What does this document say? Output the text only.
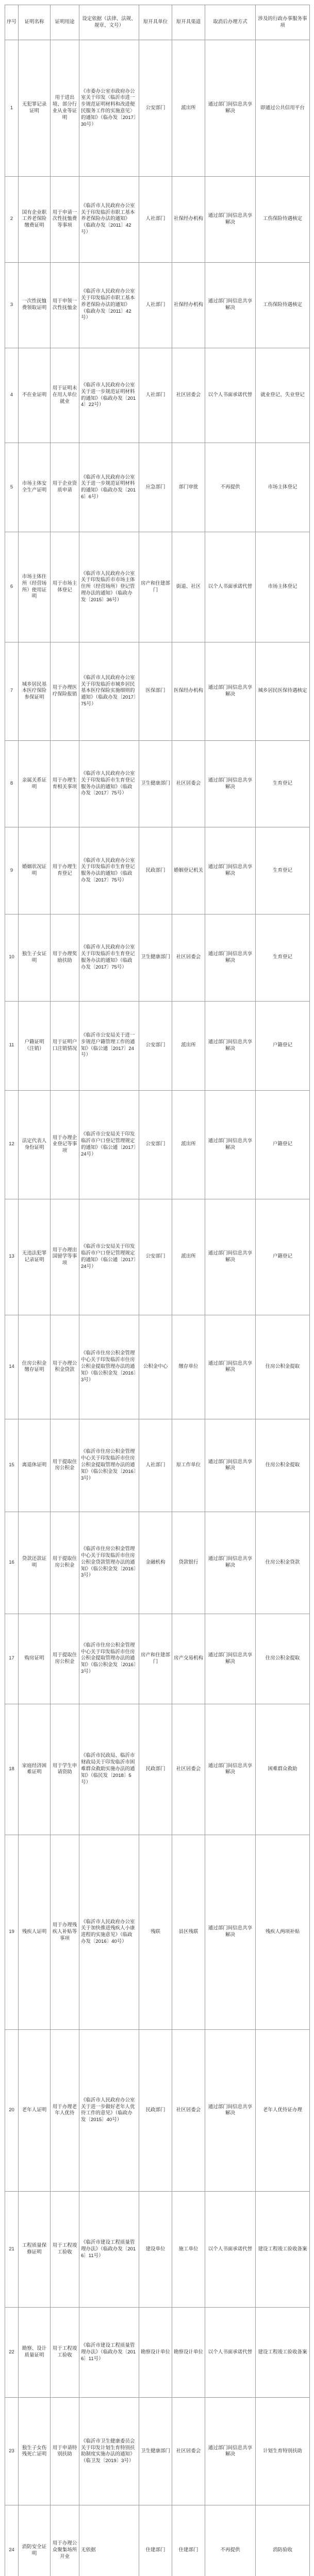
序号	证明名称	证明用途	设定依据（法律、法规、规章、文号）	原开具单位	原开具渠道	取消后办理方式	涉及的行政办事服务事项
1	无犯罪记录证明	用于进出境、部分行业从业等证明	《市委办公室市政府办公室关于印发〈临沂市进一步规范证明材料和改进便民服务工作的实施意见〉的通知》（临办发〔2017〕30号）	公安部门	派出所	通过部门间信息共享解决	即通过公共信用平台
2	国有企业职工养老保险缴费证明	用于申请一次性抚恤费等事项	《临沂市人民政府办公室关于印发临沂市职工基本养老保险办法的通知》（临政办发〔2011〕42号）	人社部门	社保经办机构	通过部门间信息共享解决	工伤保险待遇核定
3	一次性抚恤费领取证明	用于申领一次性抚恤金	《临沂市人民政府办公室关于印发临沂市职工基本养老保险办法的通知》（临政办发〔2011〕42号）	人社部门	社保经办机构	通过部门间信息共享解决	工伤保险待遇核定
4	不在业证明	用于证明未在用人单位就业	《临沂市人民政府办公室关于进一步规范证明材料的通知》（临政办发〔2014〕22号）	人社部门	社区居委会	以个人书面承诺代替	就业登记、失业登记
5	市场主体安全生产证明	用于企业资质申请	《临沂市人民政府办公室关于进一步规范证明材料的通知》（临政办发〔2016〕6号）	应急部门	部门审批	不再提供	市场主体登记
6	市场主体住所（经营场所）使用证明	用于市场主体登记	《临沂市人民政府办公室关于印发临沂市市场主体住所（经营场所）登记管理办法的通知》（临政办发〔2015〕36号）	房产和住建部门	街道、社区	以个人书面承诺代替	市场主体登记
7	城乡居民基本医疗保险参保证明	用于办理医疗保险报销	《临沂市人民政府办公室关于印发临沂市城乡居民基本医疗保险实施细则的通知》（临政办发〔2017〕75号）	医保部门	医保经办机构	通过部门间信息共享解决	城乡居民医保待遇核定
8	亲属关系证明	用于办理生育相关事项	《临沂市人民政府办公室关于印发临沂市生育登记服务办法的通知》（临政办发〔2017〕75号）	卫生健康部门	社区居委会	通过部门间信息共享解决	生育登记
9	婚姻状况证明	用于办理生育登记	《临沂市人民政府办公室关于印发临沂市生育登记服务办法的通知》（临政办发〔2017〕75号）	民政部门	婚姻登记机关	通过部门间信息共享解决	生育登记
10	独生子女证明	用于办理奖励扶助	《临沂市人民政府办公室关于印发临沂市生育登记服务办法的通知》（临政办发〔2017〕75号）	卫生健康部门	社区居委会	通过部门间信息共享解决	生育登记
11	户籍证明（注销）	用于证明户口注销情况	《临沂市公安局关于进一步规范户籍管理工作的通知》（临公通〔2017〕24号）	公安部门	派出所	通过部门间信息共享解决	户籍登记
12	法定代表人身份证明	用于办理企业登记等事项	《临沂市公安局关于印发临沂市户口登记管理规定的通知》（临公通〔2017〕24号）	公安部门	派出所	通过部门间信息共享解决	户籍登记
13	无违法犯罪记录证明	用于办理出国留学等事项	《临沂市公安局关于印发临沂市户口登记管理规定的通知》（临公通〔2017〕24号）	公安部门	派出所	通过部门间信息共享解决	户籍登记
14	住房公积金缴存证明	用于办理公积金贷款	《临沂市住房公积金管理中心关于印发临沂市住房公积金提取管理办法的通知》（临公积金发〔2016〕3号）	公积金中心	缴存单位	通过部门间信息共享解决	住房公积金提取
15	离退休证明	用于提取住房公积金	《临沂市住房公积金管理中心关于印发临沂市住房公积金提取管理办法的通知》（临公积金发〔2016〕3号）	人社部门	原工作单位	通过部门间信息共享解决	住房公积金提取
16	贷款还款证明	用于提取住房公积金	《临沂市住房公积金管理中心关于印发临沂市住房公积金贷款管理办法的通知》（临公积金发〔2016〕3号）	金融机构	贷款银行	通过部门间信息共享解决	住房公积金贷款
17	购房证明	用于提取住房公积金	《临沂市住房公积金管理中心关于印发临沂市住房公积金提取管理办法的通知》（临公积金发〔2016〕3号）	房产和住建部门	房产交易机构	通过部门间信息共享解决	住房公积金提取
18	家庭经济困难证明	用于学生申请资助	《临沂市民政局、临沂市财政局关于印发临沂市困难群众救助实施办法的通知》（临民发〔2018〕5号）	民政部门	社区居委会	通过部门间信息共享解决	困难群众救助
19	残疾人证明	用于办理残疾人补贴等事项	《临沂市人民政府办公室关于加快推进残疾人小康进程的实施意见》（临政办发〔2016〕40号）	残联	县区残联	通过部门间信息共享解决	残疾人两项补贴
20	老年人证明	用于办理老年人优待	《临沂市人民政府办公室关于进一步做好老年人优待工作的意见》（临政办发〔2015〕40号）	民政部门	社区居委会	通过部门间信息共享解决	老年人优待证办理
21	工程质量保修证明	用于工程竣工验收	《临沂市建设工程质量管理办法》（临政办发〔2016〕11号）	建设单位	施工单位	以个人书面承诺代替	建设工程竣工验收备案
22	勘察、设计质量证明	用于工程竣工验收	《临沂市建设工程质量管理办法》（临政办发〔2016〕11号）	勘察设计单位	勘察设计单位	以个人书面承诺代替	建设工程竣工验收备案
23	独生子女伤残死亡证明	用于申请特别扶助	《临沂市卫生健康委员会关于印发计划生育特别扶助制度实施办法的通知》（临卫发〔2019〕3号）	卫生健康部门	社区居委会	通过部门间信息共享解决	计划生育特别扶助
24	消防安全证明	用于办理公众聚集场所开业	无依据	住建部门	住建部门	不再提供	消防验收
